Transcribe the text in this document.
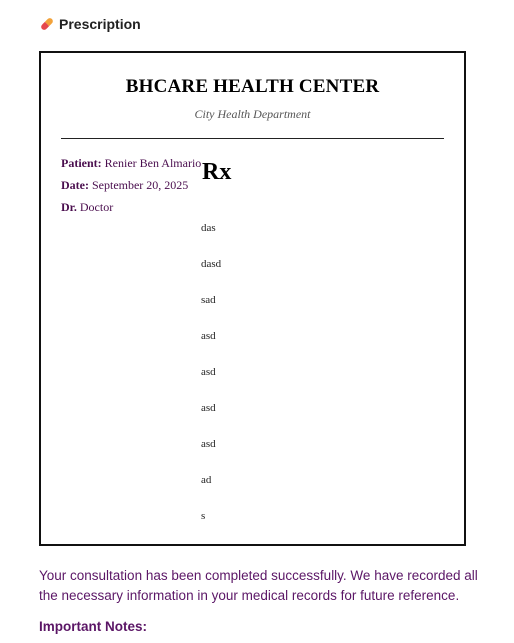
Prescription
BHCARE HEALTH CENTER
City Health Department
Patient: Renier Ben Almario
Date: September 20, 2025
Dr. Doctor
Rx
das
dasd
sad
asd
asd
asd
asd
ad
s
Your consultation has been completed successfully. We have recorded all the necessary information in your medical records for future reference.
Important Notes:
